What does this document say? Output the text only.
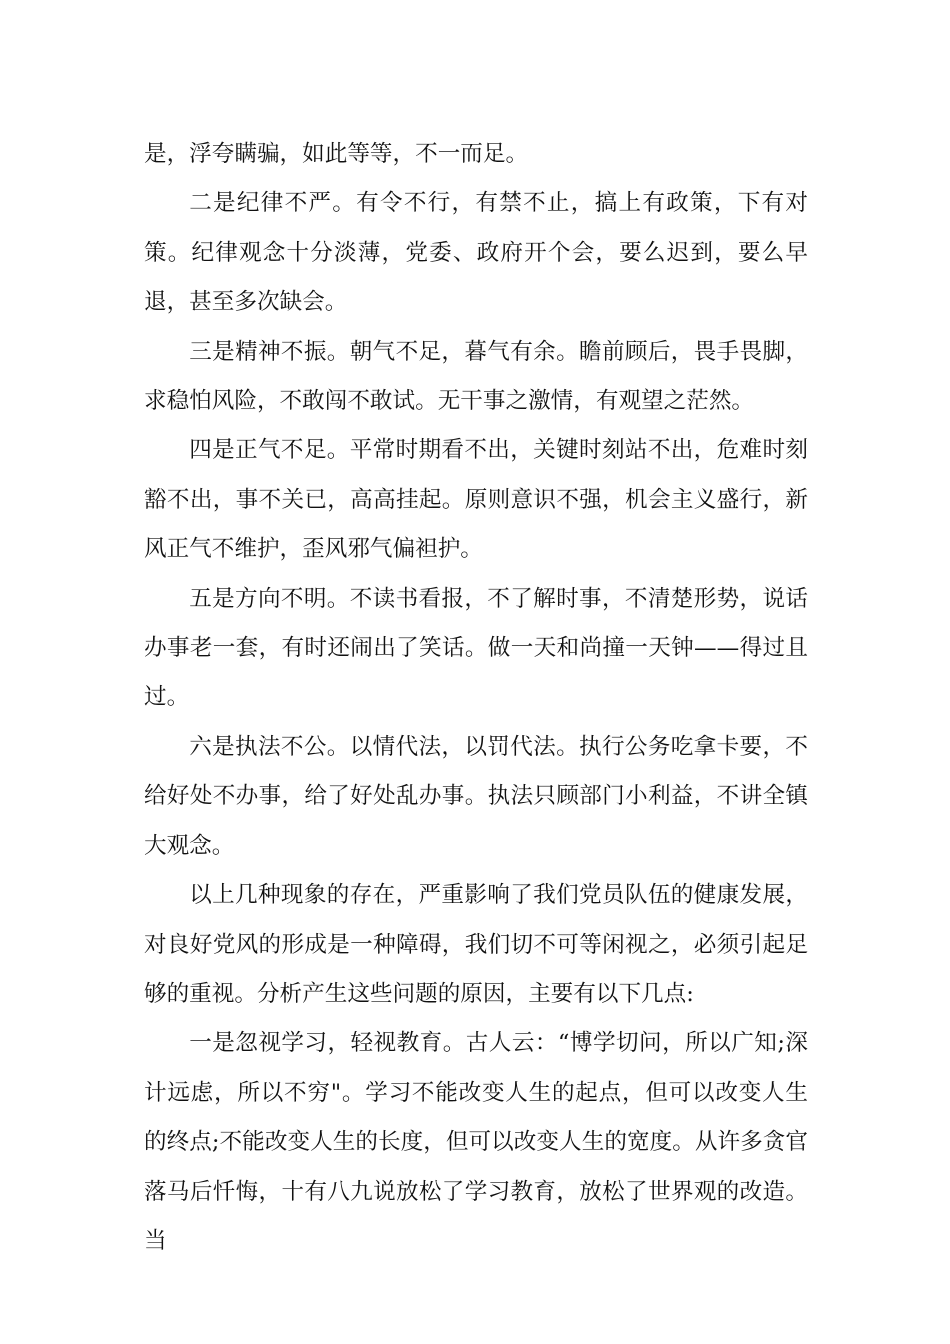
是，浮夸瞒骗，如此等等，不一而足。

二是纪律不严。有令不行，有禁不止，搞上有政策，下有对策。纪律观念十分淡薄，党委、政府开个会，要么迟到，要么早退，甚至多次缺会。

三是精神不振。朝气不足，暮气有余。瞻前顾后，畏手畏脚，求稳怕风险，不敢闯不敢试。无干事之激情，有观望之茫然。

四是正气不足。平常时期看不出，关键时刻站不出，危难时刻豁不出，事不关已，高高挂起。原则意识不强，机会主义盛行，新风正气不维护，歪风邪气偏袒护。

五是方向不明。不读书看报，不了解时事，不清楚形势，说话办事老一套，有时还闹出了笑话。做一天和尚撞一天钟——得过且过。

六是执法不公。以情代法，以罚代法。执行公务吃拿卡要，不给好处不办事，给了好处乱办事。执法只顾部门小利益，不讲全镇大观念。

以上几种现象的存在，严重影响了我们党员队伍的健康发展，对良好党风的形成是一种障碍，我们切不可等闲视之，必须引起足够的重视。分析产生这些问题的原因，主要有以下几点:

一是忽视学习，轻视教育。古人云：“博学切问，所以广知;深计远虑，所以不穷"。学习不能改变人生的起点，但可以改变人生的终点;不能改变人生的长度，但可以改变人生的宽度。从许多贪官落马后忏悔，十有八九说放松了学习教育，放松了世界观的改造。当
